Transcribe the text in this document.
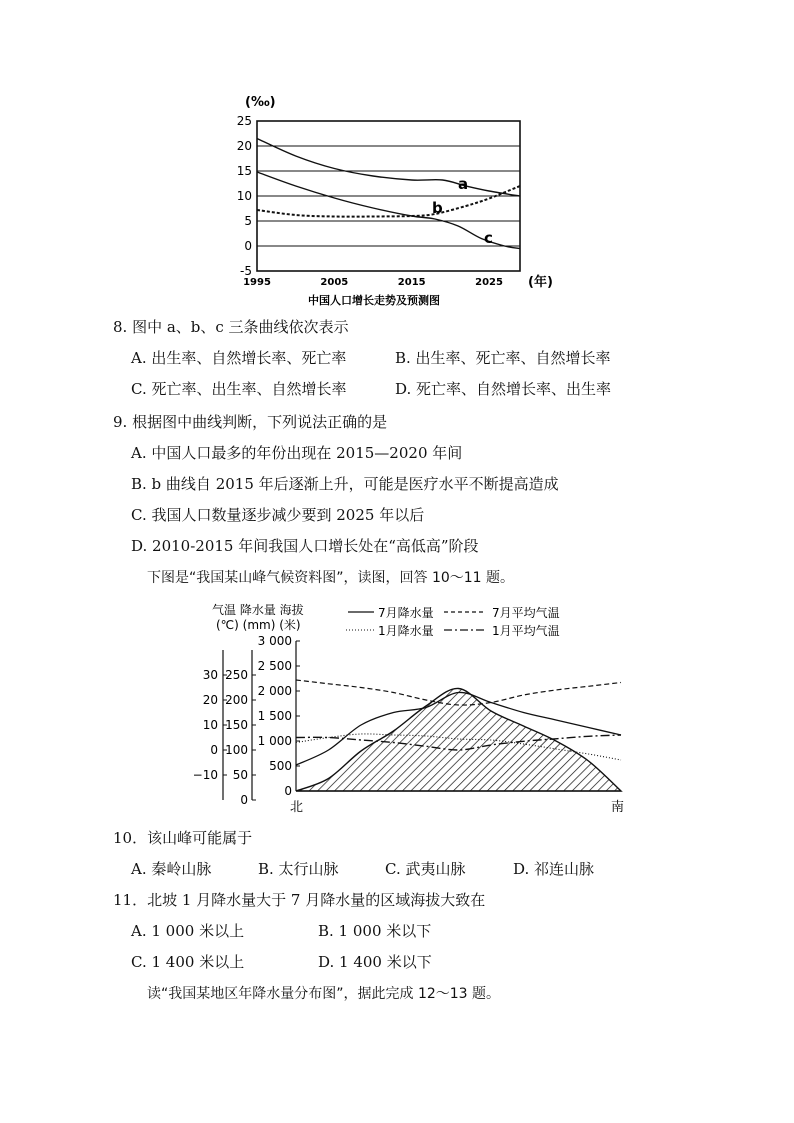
(‰)
25
20
15
10
5
0
-5
1995	2005	2015	2025 (年)
中国人口增长走势及预测图
a
b
c
8. 图中 a、b、c 三条曲线依次表示
A. 出生率、自然增长率、死亡率	B. 出生率、死亡率、自然增长率
C. 死亡率、出生率、自然增长率	D. 死亡率、自然增长率、出生率
9. 根据图中曲线判断，下列说法正确的是
A. 中国人口最多的年份出现在 2015—2020 年间
B. b 曲线自 2015 年后逐渐上升，可能是医疗水平不断提高造成
C. 我国人口数量逐步减少要到 2025 年以后
D. 2010-2015 年间我国人口增长处在“高低高”阶段
下图是“我国某山峰气候资料图”，读图，回答 10～11 题。
气温 降水量 海拔
(℃) (mm) (米)
7月降水量	7月平均气温
1月降水量	1月平均气温
30
20
10
0
−10
250
200
150
100
50
0
3 000
2 500
2 000
1 500
1 000
500
0
北	南
10．该山峰可能属于
A. 秦岭山脉	B. 太行山脉	C. 武夷山脉	D. 祁连山脉
11．北坡 1 月降水量大于 7 月降水量的区域海拔大致在
A. 1 000 米以上	B. 1 000 米以下
C. 1 400 米以上	D. 1 400 米以下
读“我国某地区年降水量分布图”，据此完成 12～13 题。
